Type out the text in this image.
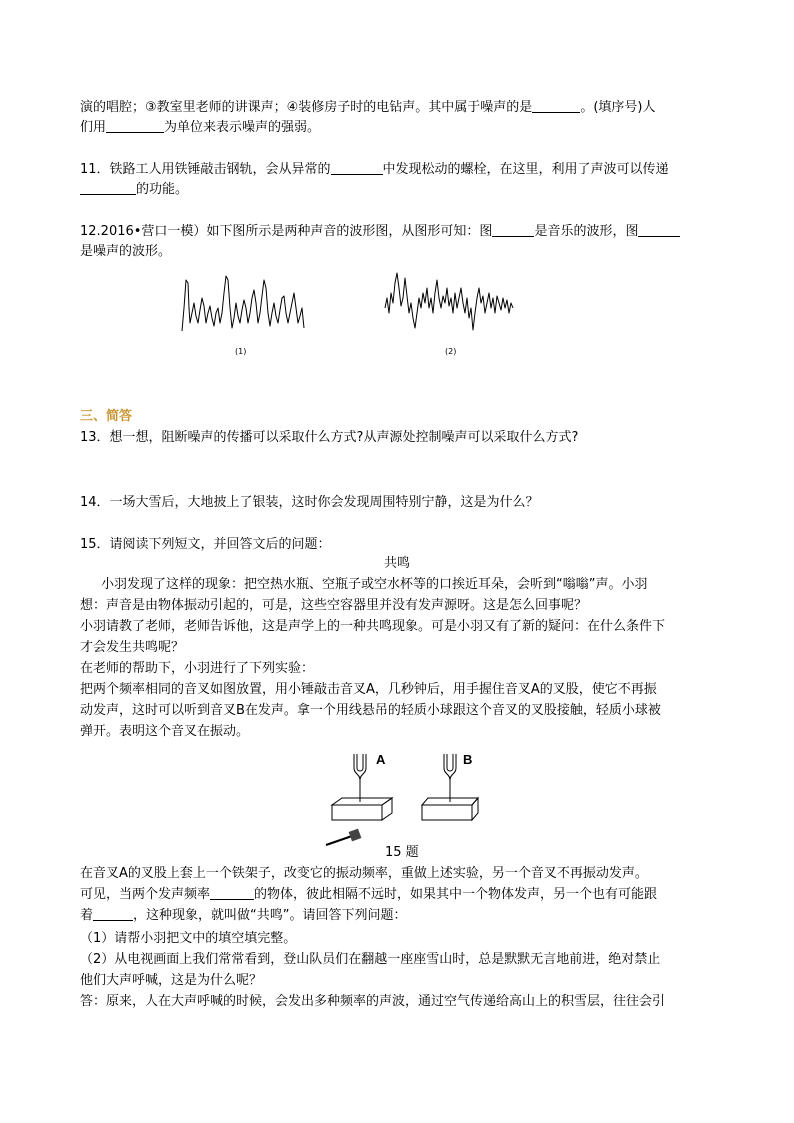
演的唱腔；③教室里老师的讲课声；④装修房子时的电钻声。其中属于噪声的是	。(填序号)人
们用	为单位来表示噪声的强弱。
11．铁路工人用铁锤敲击钢轨，会从异常的	中发现松动的螺栓，在这里，利用了声波可以传递
的功能。
12.2016•营口一模）如下图所示是两种声音的波形图，从图形可知：图	是音乐的波形，图
是噪声的波形。
(1)	(2)
三、简答
13．想一想，阻断噪声的传播可以采取什么方式?从声源处控制噪声可以采取什么方式?
14．一场大雪后，大地披上了银装，这时你会发现周围特别宁静，这是为什么？
15．请阅读下列短文，并回答文后的问题：
共鸣
小羽发现了这样的现象：把空热水瓶、空瓶子或空水杯等的口挨近耳朵，会听到“嗡嗡”声。小羽
想：声音是由物体振动引起的，可是，这些空容器里并没有发声源呀。这是怎么回事呢？
小羽请教了老师，老师告诉他，这是声学上的一种共鸣现象。可是小羽又有了新的疑问：在什么条件下
才会发生共鸣呢？
在老师的帮助下，小羽进行了下列实验：
把两个频率相同的音叉如图放置，用小锤敲击音叉A，几秒钟后，用手握住音叉A的叉股，使它不再振
动发声，这时可以听到音叉B在发声。拿一个用线悬吊的轻质小球跟这个音叉的叉股接触，轻质小球被
弹开。表明这个音叉在振动。
A	B
15 题
在音叉A的叉股上套上一个铁架子，改变它的振动频率，重做上述实验，另一个音叉不再振动发声。
可见，当两个发声频率	的物体，彼此相隔不远时，如果其中一个物体发声，另一个也有可能跟
着	，这种现象，就叫做“共鸣”。请回答下列问题：
（1）请帮小羽把文中的填空填完整。
（2）从电视画面上我们常常看到，登山队员们在翻越一座座雪山时，总是默默无言地前进，绝对禁止
他们大声呼喊，这是为什么呢？
答：原来，人在大声呼喊的时候，会发出多种频率的声波，通过空气传递给高山上的积雪层，往往会引
